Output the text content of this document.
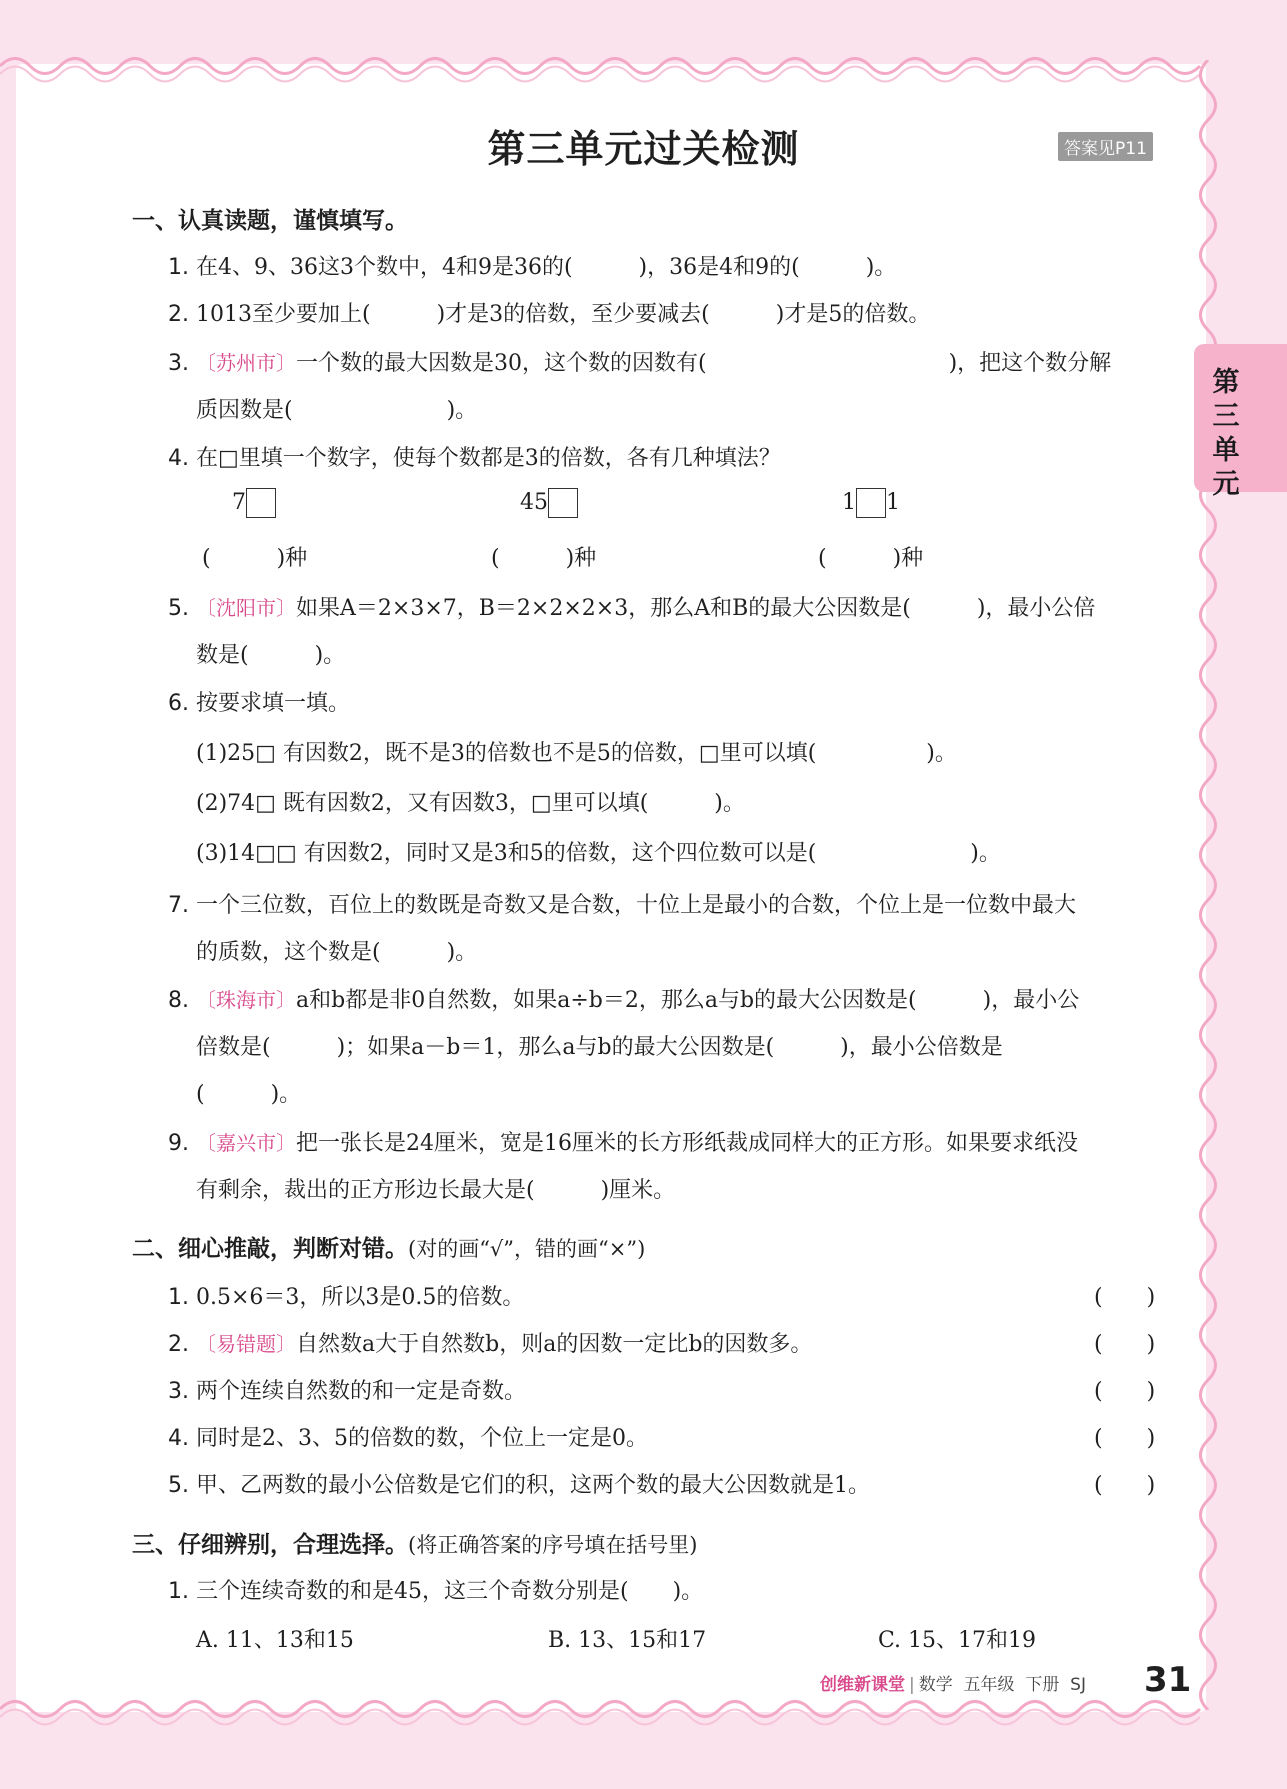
第三单元过关检测	答案见P11
第三单元
一、认真读题，谨慎填写。
1. 在4、9、36这3个数中，4和9是36的(　　　)，36是4和9的(　　　)。
2. 1013至少要加上(　　　)才是3的倍数，至少要减去(　　　)才是5的倍数。
3. 〔苏州市〕一个数的最大因数是30，这个数的因数有(　　　　　　　　　　　)，把这个数分解
质因数是(　　　　　　　)。
4. 在□里填一个数字，使每个数都是3的倍数，各有几种填法？
7	45	1 1
(　　　)种	(　　　)种	(　　　)种
5. 〔沈阳市〕如果A＝2×3×7，B＝2×2×2×3，那么A和B的最大公因数是(　　　)，最小公倍
数是(　　　)。
6. 按要求填一填。
(1)25□ 有因数2，既不是3的倍数也不是5的倍数，□里可以填(　　　　　)。
(2)74□ 既有因数2，又有因数3，□里可以填(　　　)。
(3)14□□ 有因数2，同时又是3和5的倍数，这个四位数可以是(　　　　　　　)。
7. 一个三位数，百位上的数既是奇数又是合数，十位上是最小的合数，个位上是一位数中最大
的质数，这个数是(　　　)。
8. 〔珠海市〕a和b都是非0自然数，如果a÷b＝2，那么a与b的最大公因数是(　　　)，最小公
倍数是(　　　)；如果a－b＝1，那么a与b的最大公因数是(　　　)，最小公倍数是
(　　　)。
9. 〔嘉兴市〕把一张长是24厘米，宽是16厘米的长方形纸裁成同样大的正方形。如果要求纸没
有剩余，裁出的正方形边长最大是(　　　)厘米。
二、细心推敲，判断对错。(对的画“√”，错的画“×”)
1. 0.5×6＝3，所以3是0.5的倍数。	(　　)
2. 〔易错题〕自然数a大于自然数b，则a的因数一定比b的因数多。	(　　)
3. 两个连续自然数的和一定是奇数。	(　　)
4. 同时是2、3、5的倍数的数，个位上一定是0。	(　　)
5. 甲、乙两数的最小公倍数是它们的积，这两个数的最大公因数就是1。	(　　)
三、仔细辨别，合理选择。(将正确答案的序号填在括号里)
1. 三个连续奇数的和是45，这三个奇数分别是(　　)。
A. 11、13和15	B. 13、15和17	C. 15、17和19
创维新课堂 | 数学 五年级 下册 SJ 31
